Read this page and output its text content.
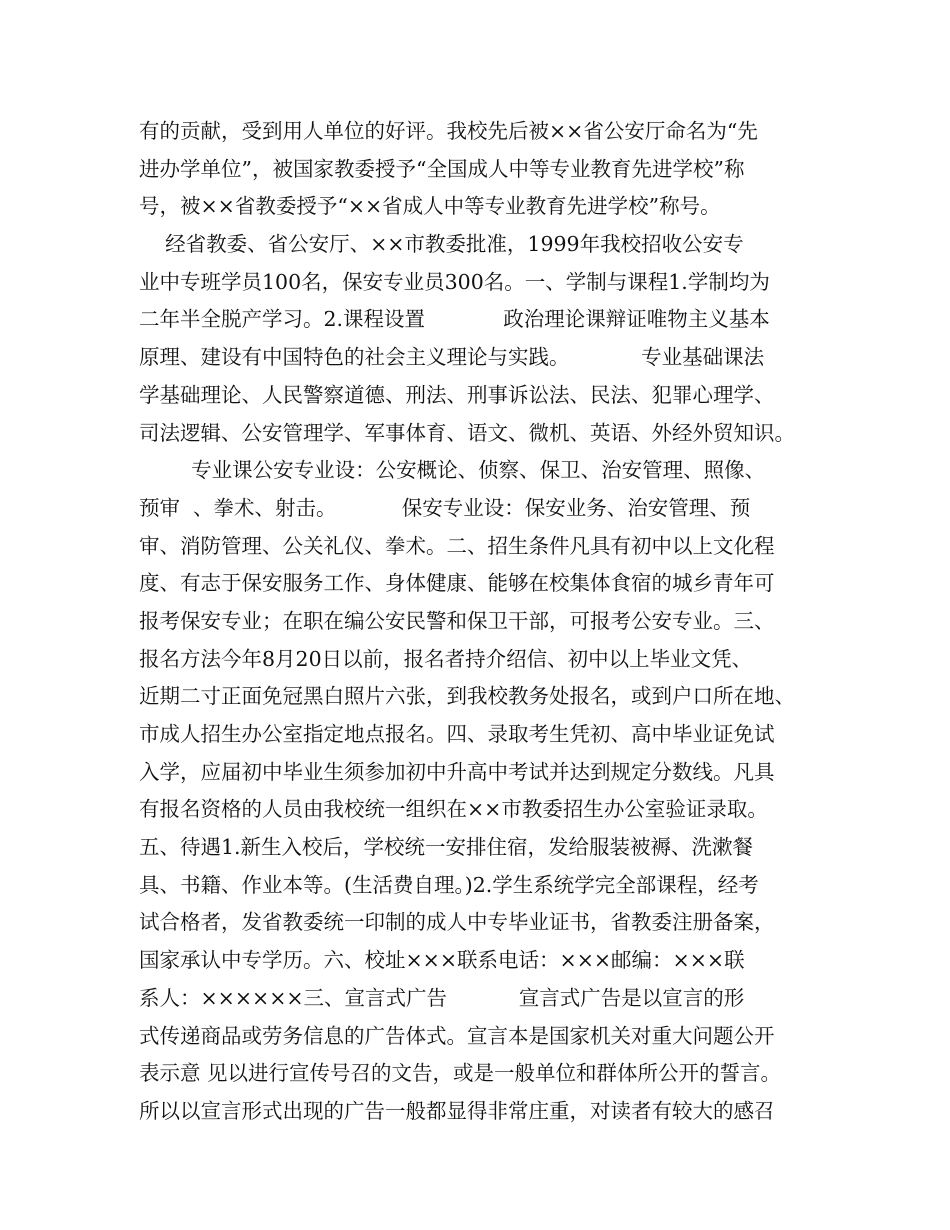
有的贡献，受到用人单位的好评。我校先后被××省公安厅命名为“先
进办学单位”，被国家教委授予“全国成人中等专业教育先进学校”称
号，被××省教委授予“××省成人中等专业教育先进学校”称号。
经省教委、省公安厅、××市教委批准，1999年我校招收公安专
业中专班学员100名，保安专业员300名。一、学制与课程1.学制均为
二年半全脱产学习。2.课程设置            政治理论课辩证唯物主义基本
原理、建设有中国特色的社会主义理论与实践。           专业基础课法
学基础理论、人民警察道德、刑法、刑事诉讼法、民法、犯罪心理学、
司法逻辑、公安管理学、军事体育、语文、微机、英语、外经外贸知识。
专业课公安专业设：公安概论、侦察、保卫、治安管理、照像、
预审  、拳术、射击。          保安专业设：保安业务、治安管理、预
审、消防管理、公关礼仪、拳术。二、招生条件凡具有初中以上文化程
度、有志于保安服务工作、身体健康、能够在校集体食宿的城乡青年可
报考保安专业；在职在编公安民警和保卫干部，可报考公安专业。三、
报名方法今年8月20日以前，报名者持介绍信、初中以上毕业文凭、
近期二寸正面免冠黑白照片六张，到我校教务处报名，或到户口所在地、
市成人招生办公室指定地点报名。四、录取考生凭初、高中毕业证免试
入学，应届初中毕业生须参加初中升高中考试并达到规定分数线。凡具
有报名资格的人员由我校统一组织在××市教委招生办公室验证录取。
五、待遇1.新生入校后，学校统一安排住宿，发给服装被褥、洗漱餐
具、书籍、作业本等。(生活费自理。)2.学生系统学完全部课程，经考
试合格者，发省教委统一印制的成人中专毕业证书，省教委注册备案，
国家承认中专学历。六、校址×××联系电话：×××邮编：×××联
系人：××××××三、宣言式广告           宣言式广告是以宣言的形
式传递商品或劳务信息的广告体式。宣言本是国家机关对重大问题公开
表示意 见以进行宣传号召的文告，或是一般单位和群体所公开的誓言。
所以以宣言形式出现的广告一般都显得非常庄重，对读者有较大的感召
